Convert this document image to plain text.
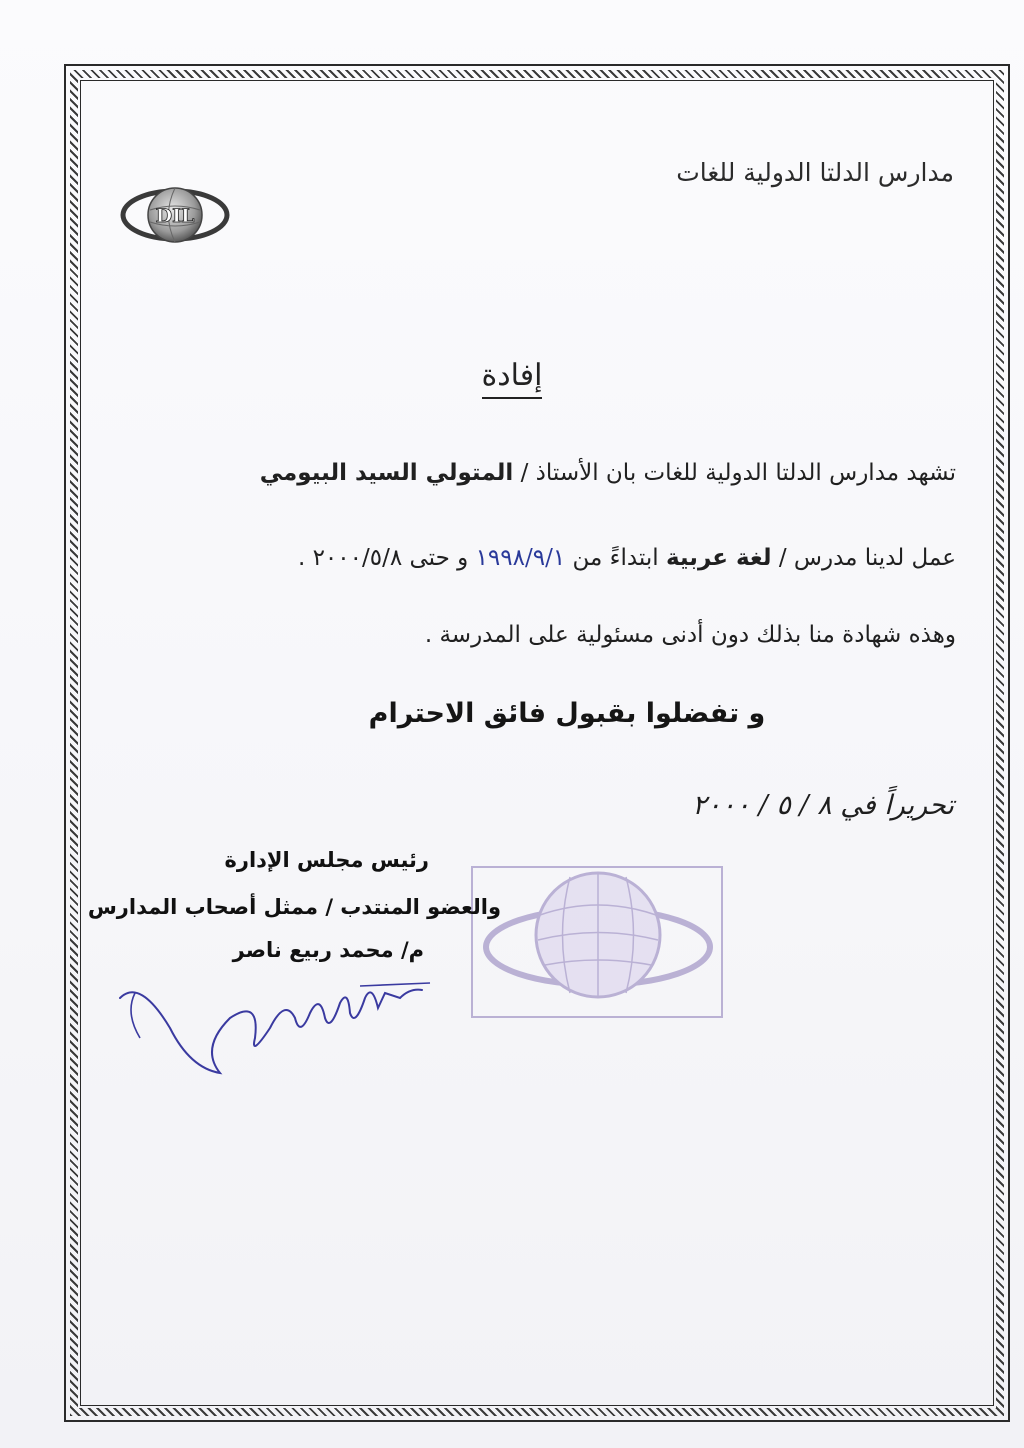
DIL
مدارس الدلتا الدولية للغات
إفادة
تشهد مدارس الدلتا الدولية للغات بان الأستاذ / المتولي السيد البيومي
عمل لدينا مدرس / لغة عربية ابتداءً من ١٩٩٨/٩/١ و حتى ٢٠٠٠/٥/٨ .
وهذه شهادة منا بذلك دون أدنى مسئولية على المدرسة .
و تفضلوا بقبول فائق الاحترام
تحريراً في ٨ / ٥ / ٢٠٠٠
رئيس مجلس الإدارة
والعضو المنتدب / ممثل أصحاب المدارس
م/ محمد ربيع ناصر
